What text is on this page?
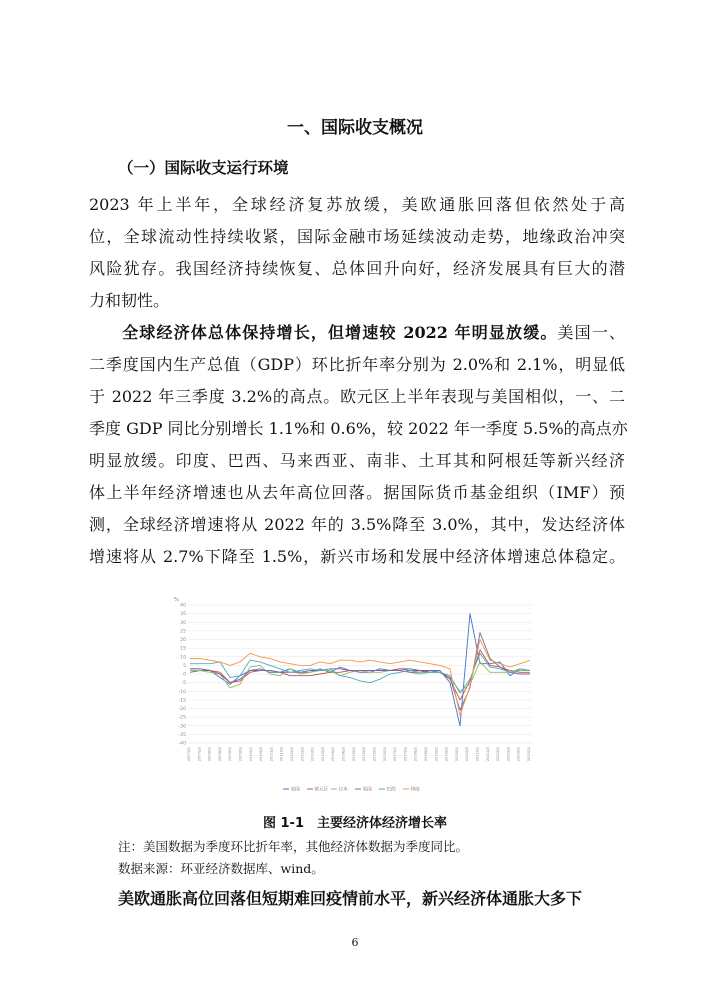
一、国际收支概况
（一）国际收支运行环境
2023 年上半年，全球经济复苏放缓，美欧通胀回落但依然处于高
位，全球流动性持续收紧，国际金融市场延续波动走势，地缘政治冲突
风险犹存。我国经济持续恢复、总体回升向好，经济发展具有巨大的潜
力和韧性。
全球经济体总体保持增长，但增速较 2022 年明显放缓。美国一、
二季度国内生产总值（GDP）环比折年率分别为 2.0%和 2.1%，明显低
于 2022 年三季度 3.2%的高点。欧元区上半年表现与美国相似，一、二
季度 GDP 同比分别增长 1.1%和 0.6%，较 2022 年一季度 5.5%的高点亦
明显放缓。印度、巴西、马来西亚、南非、土耳其和阿根廷等新兴经济
体上半年经济增速也从去年高位回落。据国际货币基金组织（IMF）预
测，全球经济增速将从 2022 年的 3.5%降至 3.0%，其中，发达经济体
增速将从 2.7%下降至 1.5%，新兴市场和发展中经济体增速总体稳定。
%
40
35
30
25
20
15
10
5
0
-5
-10
-15
-20
-25
-30
-35
-40
2007Q1 2007Q3 2008Q1 2008Q3 2009Q1 2009Q3 2010Q1 2010Q3 2011Q1 2011Q3 2012Q1 2012Q3 2013Q1 2013Q3 2014Q1 2014Q3 2015Q1 2015Q3 2016Q1 2016Q3 2017Q1 2017Q3 2018Q1 2018Q3 2019Q1 2019Q3 2020Q1 2020Q3 2021Q1 2021Q3 2022Q1 2022Q3 2023Q1 2023Q2
美国	欧元区 日本	英国	巴西	印度
图 1-1　主要经济体经济增长率
注：美国数据为季度环比折年率，其他经济体数据为季度同比。
数据来源：环亚经济数据库、wind。
美欧通胀高位回落但短期难回疫情前水平，新兴经济体通胀大多下
6
